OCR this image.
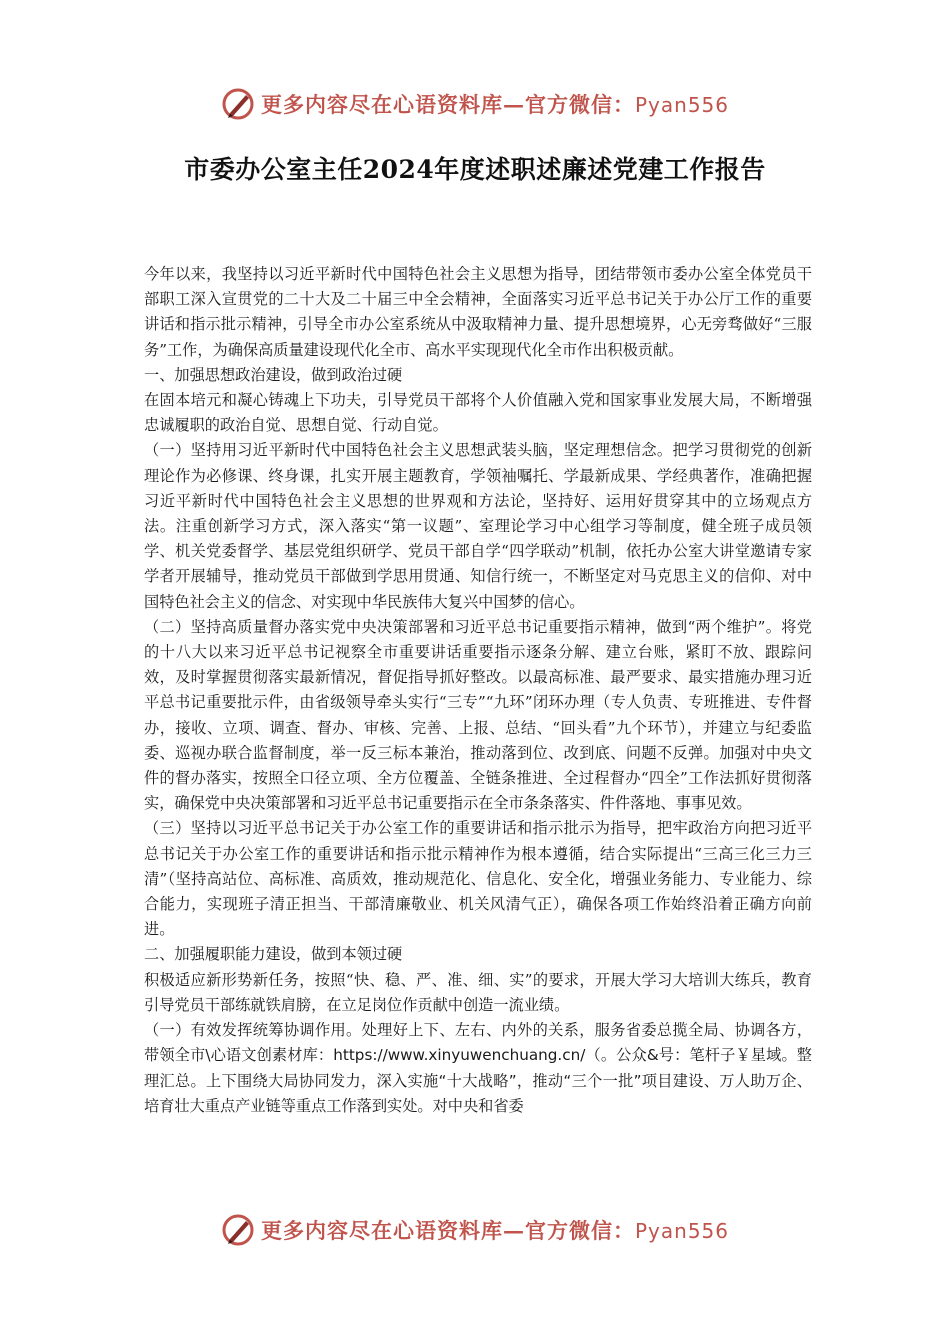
更多内容尽在心语资料库—官方微信：Pyan556
市委办公室主任2024年度述职述廉述党建工作报告

今年以来，我坚持以习近平新时代中国特色社会主义思想为指导，团结带领市委办公室全体党员干部职工深入宣贯党的二十大及二十届三中全会精神，全面落实习近平总书记关于办公厅工作的重要讲话和指示批示精神，引导全市办公室系统从中汲取精神力量、提升思想境界，心无旁骛做好“三服务”工作，为确保高质量建设现代化全市、高水平实现现代化全市作出积极贡献。

一、加强思想政治建设，做到政治过硬

在固本培元和凝心铸魂上下功夫，引导党员干部将个人价值融入党和国家事业发展大局，不断增强忠诚履职的政治自觉、思想自觉、行动自觉。

（一）坚持用习近平新时代中国特色社会主义思想武装头脑，坚定理想信念。把学习贯彻党的创新理论作为必修课、终身课，扎实开展主题教育，学领袖嘱托、学最新成果、学经典著作，准确把握习近平新时代中国特色社会主义思想的世界观和方法论，坚持好、运用好贯穿其中的立场观点方法。注重创新学习方式，深入落实“第一议题”、室理论学习中心组学习等制度，健全班子成员领学、机关党委督学、基层党组织研学、党员干部自学“四学联动”机制，依托办公室大讲堂邀请专家学者开展辅导，推动党员干部做到学思用贯通、知信行统一，不断坚定对马克思主义的信仰、对中国特色社会主义的信念、对实现中华民族伟大复兴中国梦的信心。

（二）坚持高质量督办落实党中央决策部署和习近平总书记重要指示精神，做到“两个维护”。将党的十八大以来习近平总书记视察全市重要讲话重要指示逐条分解、建立台账，紧盯不放、跟踪问效，及时掌握贯彻落实最新情况，督促指导抓好整改。以最高标准、最严要求、最实措施办理习近平总书记重要批示件，由省级领导牵头实行“三专”“九环”闭环办理（专人负责、专班推进、专件督办，接收、立项、调查、督办、审核、完善、上报、总结、“回头看”九个环节），并建立与纪委监委、巡视办联合监督制度，举一反三标本兼治，推动落到位、改到底、问题不反弹。加强对中央文件的督办落实，按照全口径立项、全方位覆盖、全链条推进、全过程督办“四全”工作法抓好贯彻落实，确保党中央决策部署和习近平总书记重要指示在全市条条落实、件件落地、事事见效。

（三）坚持以习近平总书记关于办公室工作的重要讲话和指示批示为指导，把牢政治方向把习近平总书记关于办公室工作的重要讲话和指示批示精神作为根本遵循，结合实际提出“三高三化三力三清”（坚持高站位、高标准、高质效，推动规范化、信息化、安全化，增强业务能力、专业能力、综合能力，实现班子清正担当、干部清廉敬业、机关风清气正），确保各项工作始终沿着正确方向前进。

二、加强履职能力建设，做到本领过硬

积极适应新形势新任务，按照“快、稳、严、准、细、实”的要求，开展大学习大培训大练兵，教育引导党员干部练就铁肩膀，在立足岗位作贡献中创造一流业绩。

（一）有效发挥统筹协调作用。处理好上下、左右、内外的关系，服务省委总揽全局、协调各方，带领全市\心语文创素材库：https://www.xinyuwenchuang.cn/（。公众&号：笔杆子￥星域。整理汇总。上下围绕大局协同发力，深入实施“十大战略”，推动“三个一批”项目建设、万人助万企、培育壮大重点产业链等重点工作落到实处。对中央和省委

更多内容尽在心语资料库—官方微信：Pyan556
